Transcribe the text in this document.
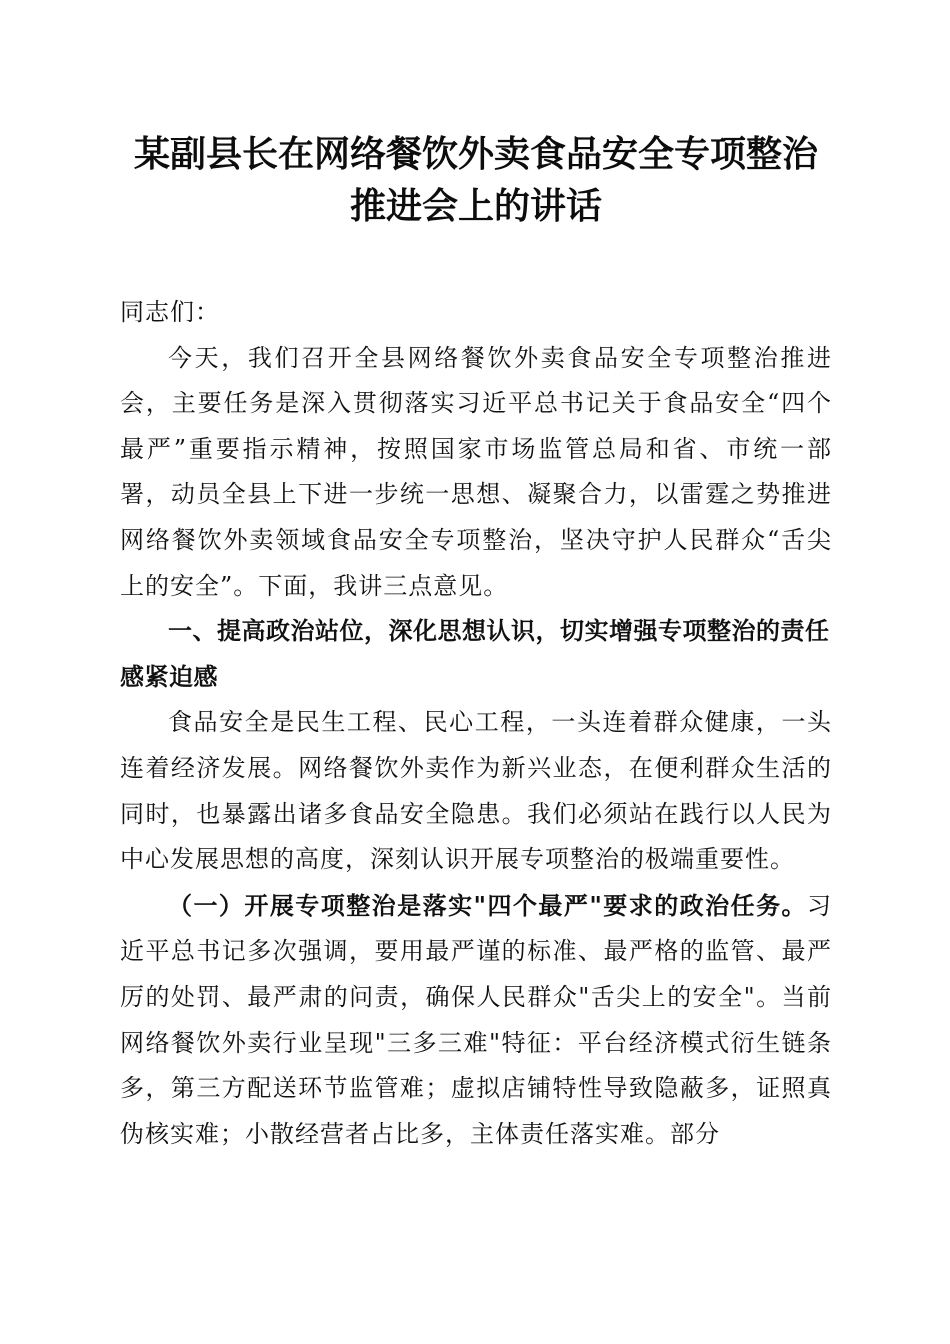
某副县长在网络餐饮外卖食品安全专项整治推进会上的讲话

同志们：

今天，我们召开全县网络餐饮外卖食品安全专项整治推进会，主要任务是深入贯彻落实习近平总书记关于食品安全“四个最严”重要指示精神，按照国家市场监管总局和省、市统一部署，动员全县上下进一步统一思想、凝聚合力，以雷霆之势推进网络餐饮外卖领域食品安全专项整治，坚决守护人民群众“舌尖上的安全”。下面，我讲三点意见。

一、提高政治站位，深化思想认识，切实增强专项整治的责任感紧迫感

食品安全是民生工程、民心工程，一头连着群众健康，一头连着经济发展。网络餐饮外卖作为新兴业态，在便利群众生活的同时，也暴露出诸多食品安全隐患。我们必须站在践行以人民为中心发展思想的高度，深刻认识开展专项整治的极端重要性。

（一）开展专项整治是落实"四个最严"要求的政治任务。习近平总书记多次强调，要用最严谨的标准、最严格的监管、最严厉的处罚、最严肃的问责，确保人民群众"舌尖上的安全"。当前网络餐饮外卖行业呈现"三多三难"特征：平台经济模式衍生链条多，第三方配送环节监管难；虚拟店铺特性导致隐蔽多，证照真伪核实难；小散经营者占比多，主体责任落实难。部分
